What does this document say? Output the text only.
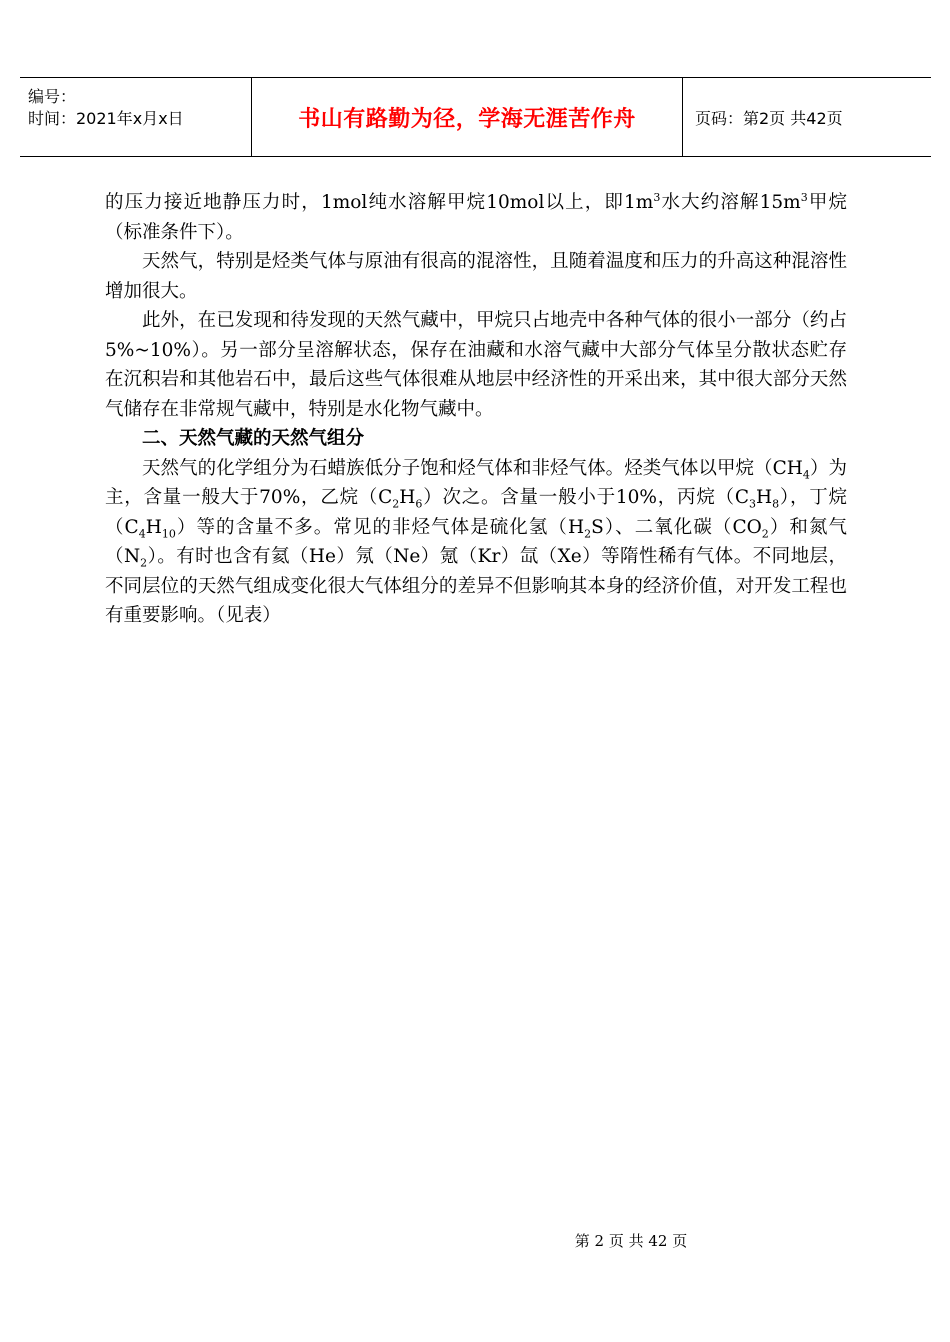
编号：
时间：2021年x月x日	书山有路勤为径，学海无涯苦作舟	页码：第2页 共42页

的压力接近地静压力时，1mol纯水溶解甲烷10mol以上，即$1m^3$水大约溶解$15m^3$甲烷（标准条件下）。

天然气，特别是烃类气体与原油有很高的混溶性，且随着温度和压力的升高这种混溶性增加很大。

此外，在已发现和待发现的天然气藏中，甲烷只占地壳中各种气体的很小一部分（约占5%~10%）。另一部分呈溶解状态，保存在油藏和水溶气藏中大部分气体呈分散状态贮存在沉积岩和其他岩石中，最后这些气体很难从地层中经济性的开采出来，其中很大部分天然气储存在非常规气藏中，特别是水化物气藏中。

二、天然气藏的天然气组分

天然气的化学组分为石蜡族低分子饱和烃气体和非烃气体。烃类气体以甲烷$(CH_4)$为主，含量一般大于70%，乙烷$(C_2H_6)$次之。含量一般小于10%，丙烷$(C_3H_8)$，丁烷$(C_4H_{10})$等的含量不多。常见的非烃气体是硫化氢$(H_2S)$、二氧化碳$(CO_2)$和氮气$(N_2)$。有时也含有氦（He）氖（Ne）氪（Kr）氙（Xe）等隋性稀有气体。不同地层，不同层位的天然气组成变化很大气体组分的差异不但影响其本身的经济价值，对开发工程也有重要影响。（见表）

第 2 页 共 42 页
